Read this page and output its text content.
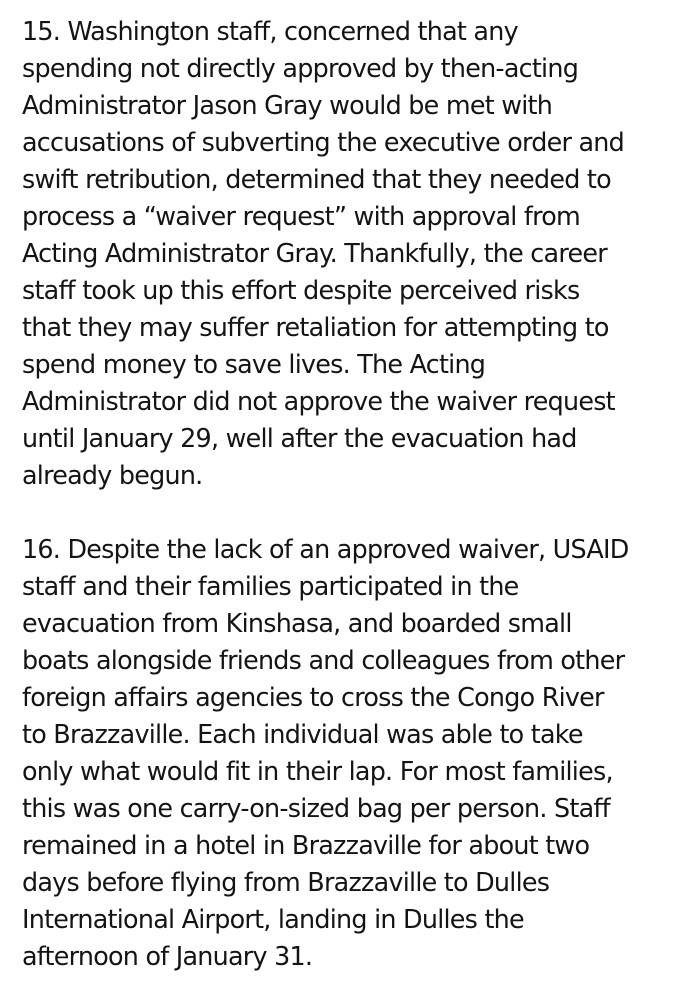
15. Washington staff, concerned that any
spending not directly approved by then-acting
Administrator Jason Gray would be met with
accusations of subverting the executive order and
swift retribution, determined that they needed to
process a “waiver request” with approval from
Acting Administrator Gray. Thankfully, the career
staff took up this effort despite perceived risks
that they may suffer retaliation for attempting to
spend money to save lives. The Acting
Administrator did not approve the waiver request
until January 29, well after the evacuation had
already begun.

16. Despite the lack of an approved waiver, USAID
staff and their families participated in the
evacuation from Kinshasa, and boarded small
boats alongside friends and colleagues from other
foreign affairs agencies to cross the Congo River
to Brazzaville. Each individual was able to take
only what would fit in their lap. For most families,
this was one carry-on-sized bag per person. Staff
remained in a hotel in Brazzaville for about two
days before flying from Brazzaville to Dulles
International Airport, landing in Dulles the
afternoon of January 31.
